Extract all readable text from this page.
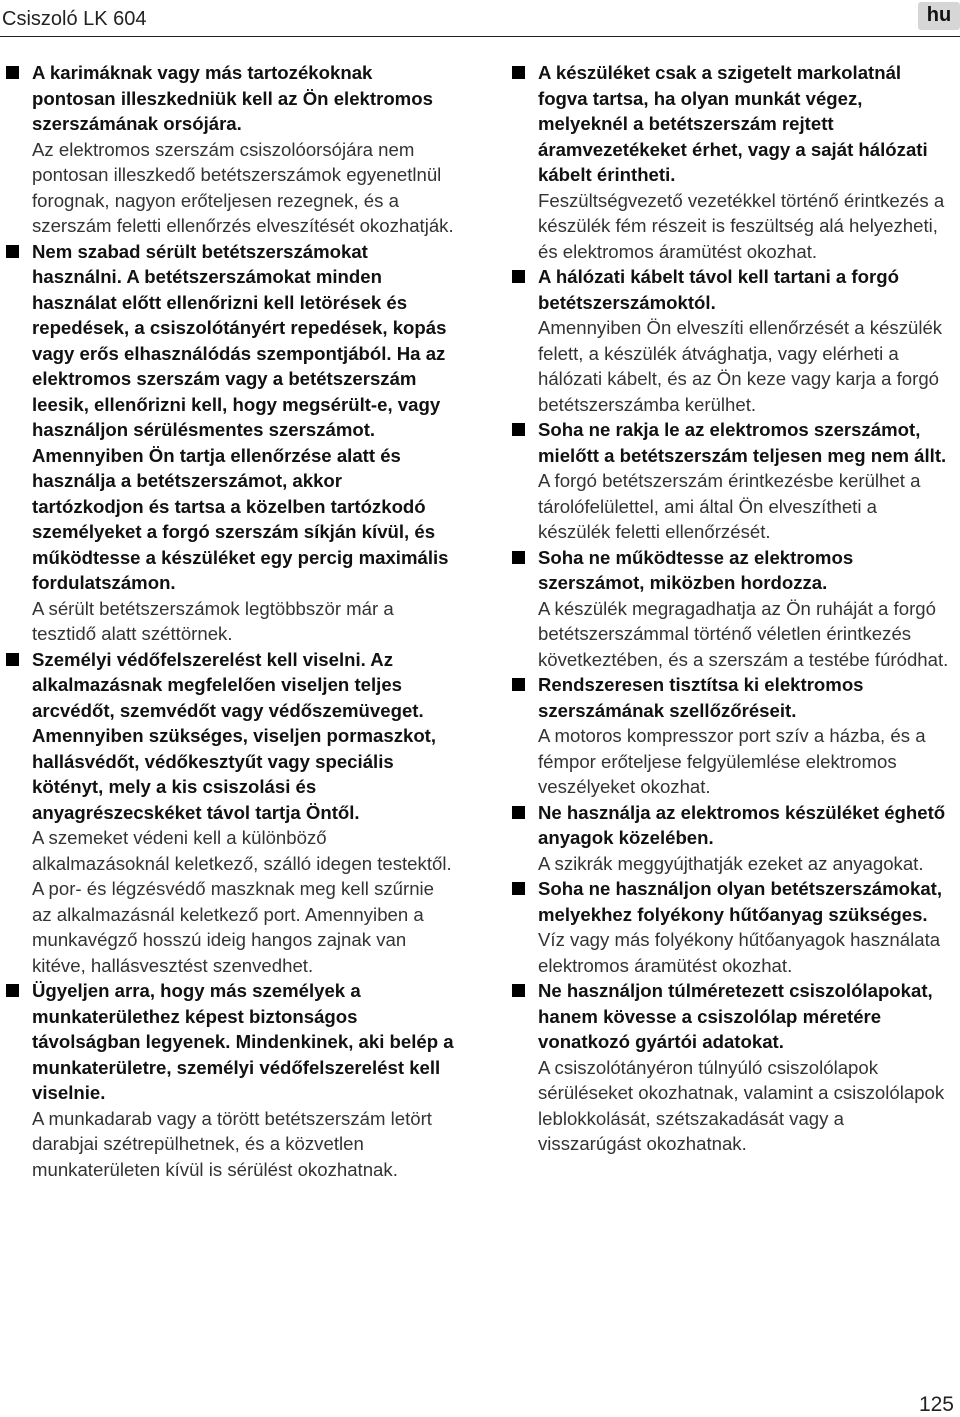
Csiszoló LK 604	hu

A karimáknak vagy más tartozékoknak pontosan illeszkedniük kell az Ön elektromos szerszámának orsójára.

Az elektromos szerszám csiszolóorsójára nem pontosan illeszkedő betétszerszámok egyenetlnül forognak, nagyon erőteljesen rezegnek, és a szerszám feletti ellenőrzés elveszítését okozhatják.

Nem szabad sérült betétszerszámokat használni. A betétszerszámokat minden használat előtt ellenőrizni kell letörések és repedések, a csiszolótányért repedések, kopás vagy erős elhasználódás szempontjából. Ha az elektromos szerszám vagy a betétszerszám leesik, ellenőrizni kell, hogy megsérült-e, vagy használjon sérülésmentes szerszámot.

Amennyiben Ön tartja ellenőrzése alatt és használja a betétszerszámot, akkor tartózkodjon és tartsa a közelben tartózkodó személyeket a forgó szerszám síkján kívül, és működtesse a készüléket egy percig maximális fordulatszámon.

A sérült betétszerszámok legtöbbször már a tesztidő alatt széttörnek.

Személyi védőfelszerelést kell viselni. Az alkalmazásnak megfelelően viseljen teljes arcvédőt, szemvédőt vagy védőszemüveget. Amennyiben szükséges, viseljen pormaszkot, hallásvédőt, védőkesztyűt vagy speciális kötényt, mely a kis csiszolási és anyagrészecskéket távol tartja Öntől.

A szemeket védeni kell a különböző alkalmazásoknál keletkező, szálló idegen testektől. A por- és légzésvédő maszknak meg kell szűrnie az alkalmazásnál keletkező port. Amennyiben a munkavégző hosszú ideig hangos zajnak van kitéve, hallásvesztést szenvedhet.

Ügyeljen arra, hogy más személyek a munkaterülethez képest biztonságos távolságban legyenek. Mindenkinek, aki belép a munkaterületre, személyi védőfelszerelést kell viselnie.

A munkadarab vagy a törött betétszerszám letört darabjai szétrepülhetnek, és a közvetlen munkaterületen kívül is sérülést okozhatnak.

A készüléket csak a szigetelt markolatnál fogva tartsa, ha olyan munkát végez, melyeknél a betétszerszám rejtett áramvezetékeket érhet, vagy a saját hálózati kábelt érintheti.

Feszültségvezető vezetékkel történő érintkezés a készülék fém részeit is feszültség alá helyezheti, és elektromos áramütést okozhat.

A hálózati kábelt távol kell tartani a forgó betétszerszámoktól.

Amennyiben Ön elveszíti ellenőrzését a készülék felett, a készülék átvághatja, vagy elérheti a hálózati kábelt, és az Ön keze vagy karja a forgó betétszerszámba kerülhet.

Soha ne rakja le az elektromos szerszámot, mielőtt a betétszerszám teljesen meg nem állt.

A forgó betétszerszám érintkezésbe kerülhet a tárolófelülettel, ami által Ön elveszítheti a készülék feletti ellenőrzését.

Soha ne működtesse az elektromos szerszámot, miközben hordozza.

A készülék megragadhatja az Ön ruháját a forgó betétszerszámmal történő véletlen érintkezés következtében, és a szerszám a testébe fúródhat.

Rendszeresen tisztítsa ki elektromos szerszámának szellőzőréseit.

A motoros kompresszor port szív a házba, és a fémpor erőteljese felgyülemlése elektromos veszélyeket okozhat.

Ne használja az elektromos készüléket éghető anyagok közelében.

A szikrák meggyújthatják ezeket az anyagokat.

Soha ne használjon olyan betétszerszámokat, melyekhez folyékony hűtőanyag szükséges.

Víz vagy más folyékony hűtőanyagok használata elektromos áramütést okozhat.

Ne használjon túlméretezett csiszolólapokat, hanem kövesse a csiszolólap méretére vonatkozó gyártói adatokat.

A csiszolótányéron túlnyúló csiszolólapok sérüléseket okozhatnak, valamint a csiszolólapok leblokkolását, szétszakadását vagy a visszarúgást okozhatnak.

125
